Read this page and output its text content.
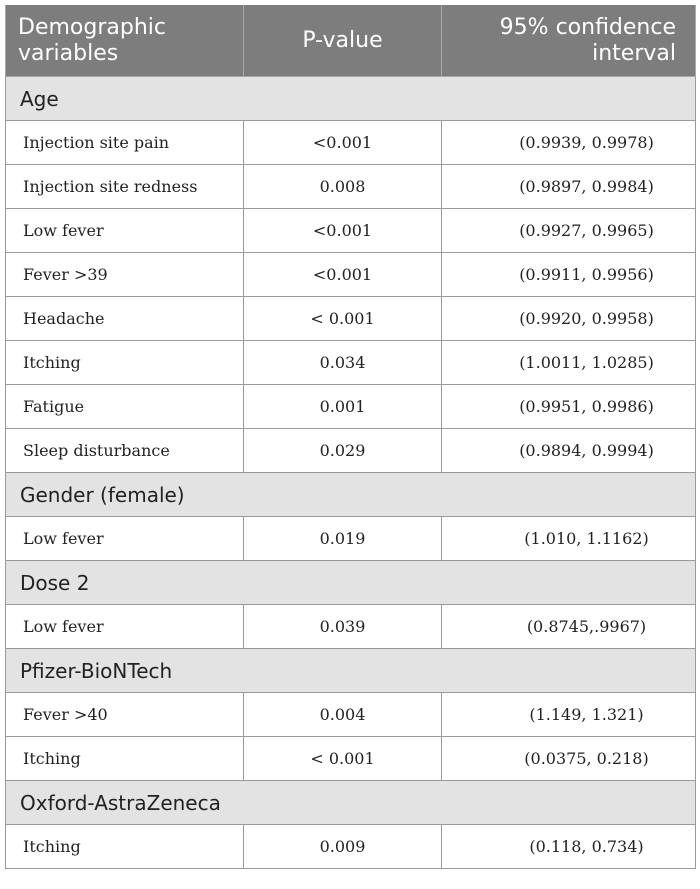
Demographic variables	P-value	95% confidence interval
Age		
Injection site pain	<0.001	(0.9939, 0.9978)
Injection site redness	0.008	(0.9897, 0.9984)
Low fever	<0.001	(0.9927, 0.9965)
Fever >39	<0.001	(0.9911, 0.9956)
Headache	< 0.001	(0.9920, 0.9958)
Itching	0.034	(1.0011, 1.0285)
Fatigue	0.001	(0.9951, 0.9986)
Sleep disturbance	0.029	(0.9894, 0.9994)
Gender (female)		
Low fever	0.019	(1.010, 1.1162)
Dose 2		
Low fever	0.039	(0.8745,.9967)
Pfizer-BioNTech		
Fever >40	0.004	(1.149, 1.321)
Itching	< 0.001	(0.0375, 0.218)
Oxford-AstraZeneca		
Itching	0.009	(0.118, 0.734)
